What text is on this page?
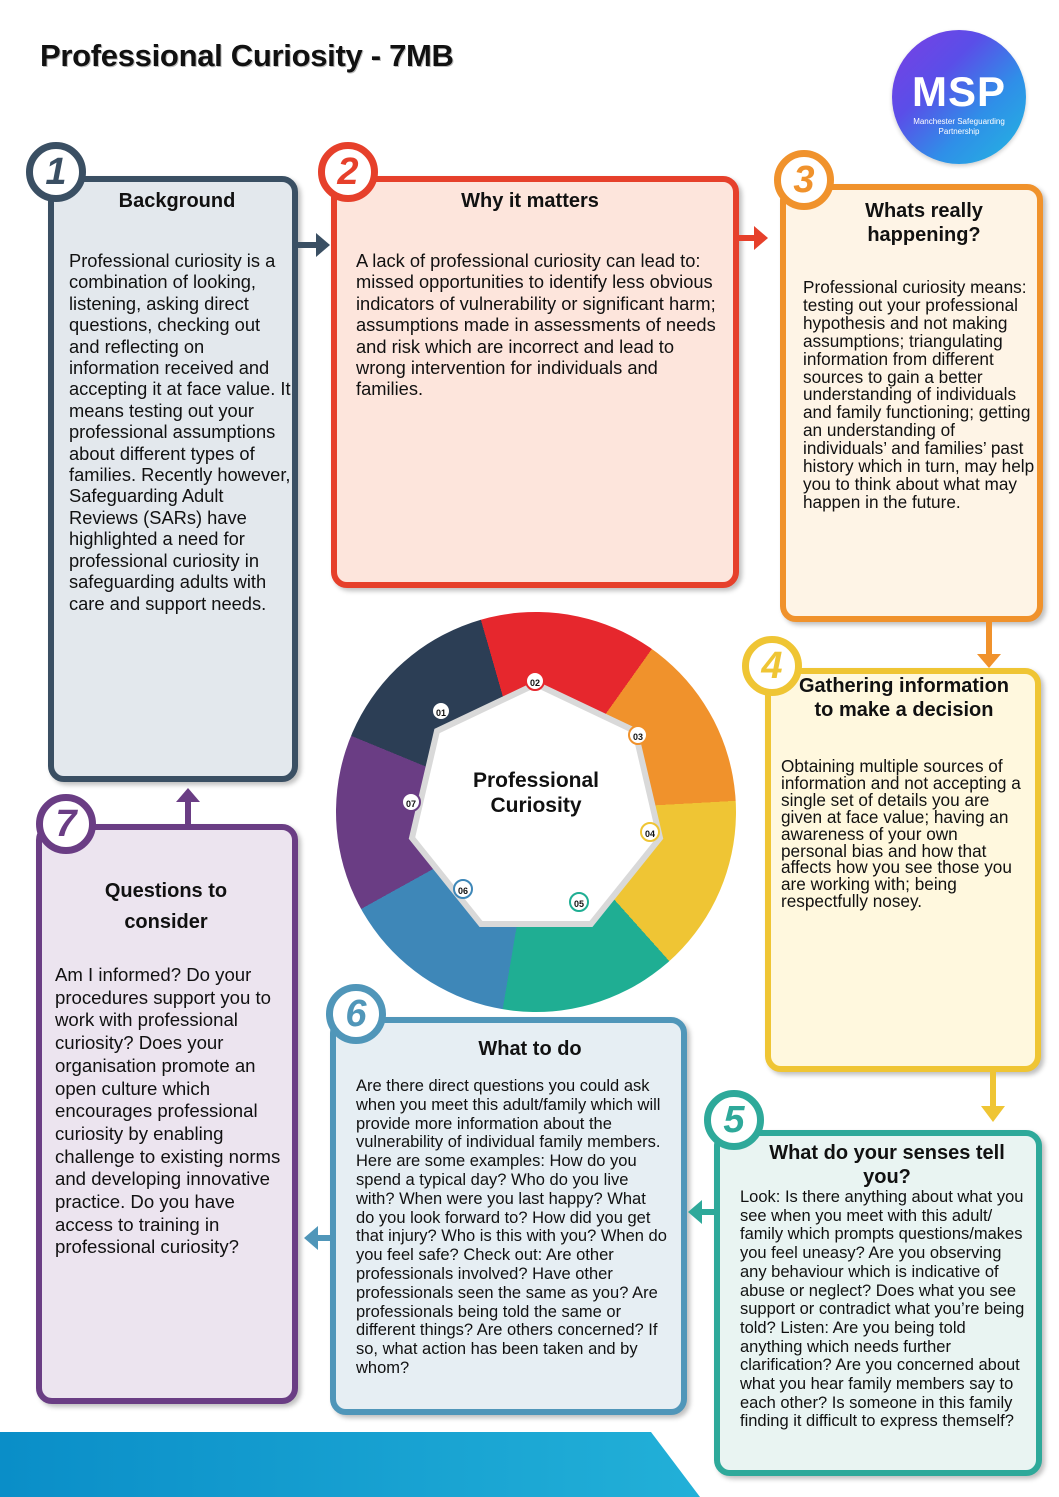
Professional Curiosity - 7MB
MSP
Manchester Safeguarding Partnership
1	2	3
4
5
6
7
Background	Why it matters	Whats really happening?
Gathering information to make a decision
What do your senses tell you?
What to do
Questions to consider
Professional curiosity is a combination of looking, listening, asking direct questions, checking out and reflecting on information received and accepting it at face value. It means testing out your professional assumptions about different types of families. Recently however, Safeguarding Adult Reviews (SARs) have highlighted a need for professional curiosity in safeguarding adults with care and support needs.
A lack of professional curiosity can lead to: missed opportunities to identify less obvious indicators of vulnerability or significant harm; assumptions made in assessments of needs and risk which are incorrect and lead to wrong intervention for individuals and families.
Professional curiosity means: testing out your professional hypothesis and not making assumptions; triangulating information from different sources to gain a better understanding of individuals and family functioning; getting an understanding of individuals’ and families’ past history which in turn, may help you to think about what may happen in the future.
Obtaining multiple sources of information and not accepting a single set of details you are given at face value; having an awareness of your own personal bias and how that affects how you see those you are working with; being respectfully nosey.
Look: Is there anything about what you see when you meet with this adult/ family which prompts questions/makes you feel uneasy? Are you observing any behaviour which is indicative of abuse or neglect? Does what you see support or contradict what you’re being told? Listen: Are you being told anything which needs further clarification? Are you concerned about what you hear family members say to each other? Is someone in this family finding it difficult to express themself?
Are there direct questions you could ask when you meet this adult/family which will provide more information about the vulnerability of individual family members. Here are some examples: How do you spend a typical day? Who do you live with? When were you last happy? What do you look forward to? How did you get that injury? Who is this with you? When do you feel safe? Check out: Are other professionals involved? Have other professionals seen the same as you? Are professionals being told the same or different things? Are others concerned? If so, what action has been taken and by whom?
Am I informed? Do your procedures support you to work with professional curiosity? Does your organisation promote an open culture which encourages professional curiosity by enabling challenge to existing norms and developing innovative practice. Do you have access to training in professional curiosity?
Professional
Curiosity
01
02
03
04
05
06
07
